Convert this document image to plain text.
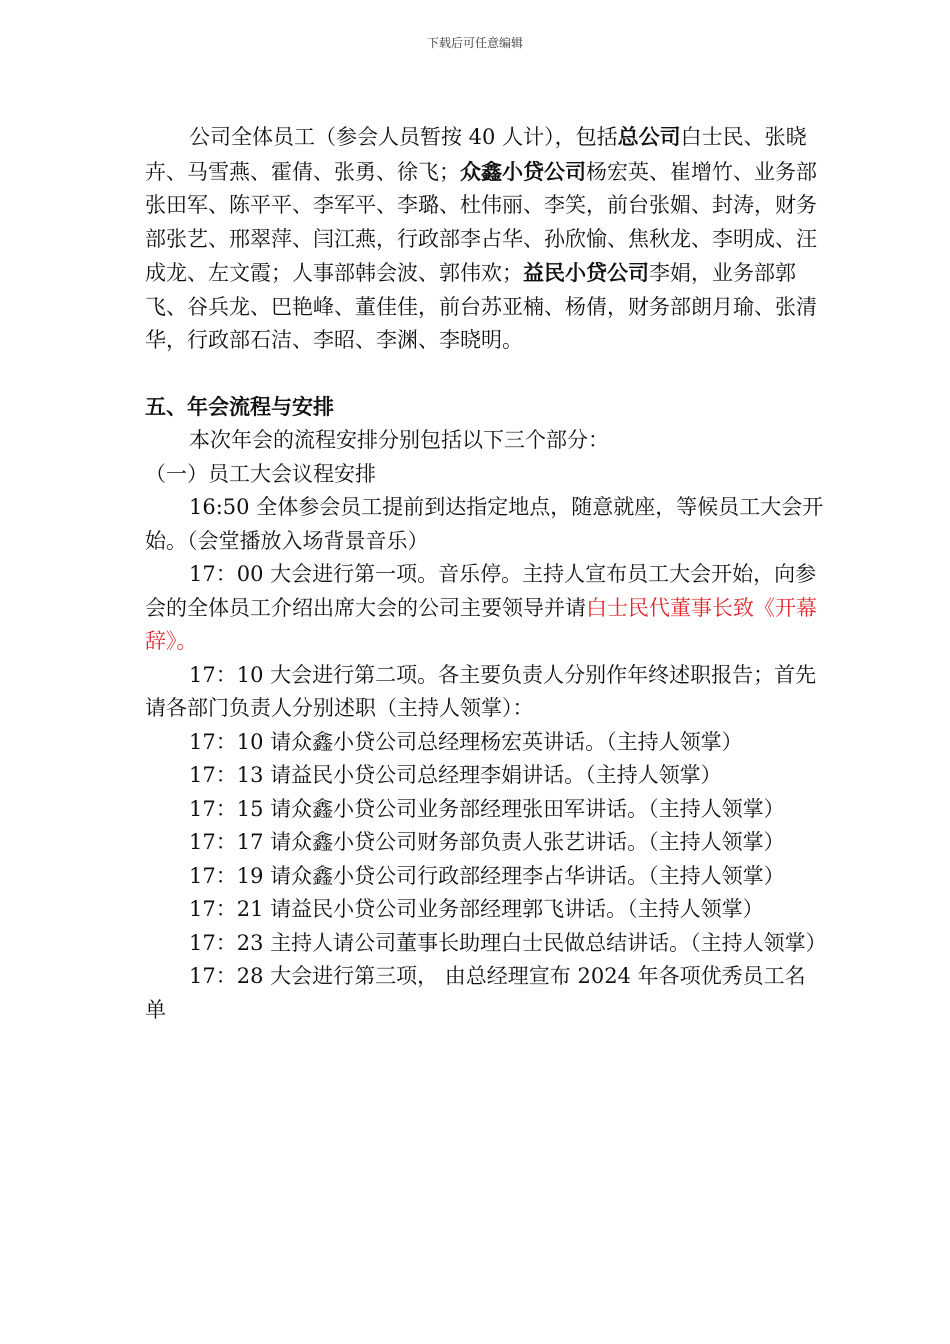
下载后可任意编辑

公司全体员工（参会人员暂按 40 人计），包括总公司白士民、张晓卉、马雪燕、霍倩、张勇、徐飞；众鑫小贷公司杨宏英、崔增竹、业务部张田军、陈平平、李军平、李璐、杜伟丽、李笑，前台张媚、封涛，财务部张艺、邢翠萍、闫江燕，行政部李占华、孙欣愉、焦秋龙、李明成、汪成龙、左文霞；人事部韩会波、郭伟欢；益民小贷公司李娟，业务部郭飞、谷兵龙、巴艳峰、董佳佳，前台苏亚楠、杨倩，财务部朗月瑜、张清华，行政部石洁、李昭、李渊、李晓明。

五、年会流程与安排

本次年会的流程安排分别包括以下三个部分：

（一）员工大会议程安排

16:50 全体参会员工提前到达指定地点，随意就座，等候员工大会开始。（会堂播放入场背景音乐）

17：00 大会进行第一项。音乐停。主持人宣布员工大会开始，向参会的全体员工介绍出席大会的公司主要领导并请白士民代董事长致《开幕辞》。

17：10 大会进行第二项。各主要负责人分别作年终述职报告；首先请各部门负责人分别述职（主持人领掌）：

17：10 请众鑫小贷公司总经理杨宏英讲话。（主持人领掌）

17：13 请益民小贷公司总经理李娟讲话。（主持人领掌）

17：15 请众鑫小贷公司业务部经理张田军讲话。（主持人领掌）

17：17 请众鑫小贷公司财务部负责人张艺讲话。（主持人领掌）

17：19 请众鑫小贷公司行政部经理李占华讲话。（主持人领掌）

17：21 请益民小贷公司业务部经理郭飞讲话。（主持人领掌）

17：23 主持人请公司董事长助理白士民做总结讲话。（主持人领掌）

17：28 大会进行第三项， 由总经理宣布 2024 年各项优秀员工名单
